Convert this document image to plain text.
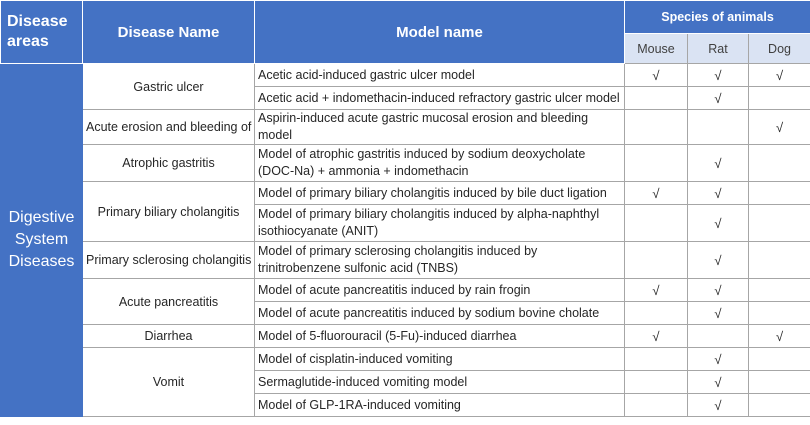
Disease areas	Disease Name	Model name	Species of animals		
			Mouse	Rat	Dog
Digestive System Diseases	Gastric ulcer	Acetic acid-induced gastric ulcer model	√	√	√
		Acetic acid + indomethacin-induced refractory gastric ulcer model		√	
	Acute erosion and bleeding of	Aspirin-induced acute gastric mucosal erosion and bleeding model			√
	Atrophic gastritis	Model of atrophic gastritis induced by sodium deoxycholate (DOC-Na) + ammonia + indomethacin		√	
	Primary biliary cholangitis	Model of primary biliary cholangitis induced by bile duct ligation	√	√	
		Model of primary biliary cholangitis induced by alpha-naphthyl isothiocyanate (ANIT)		√	
	Primary sclerosing cholangitis	Model of primary sclerosing cholangitis induced by trinitrobenzene sulfonic acid (TNBS)		√	
	Acute pancreatitis	Model of acute pancreatitis induced by rain frogin	√	√	
		Model of acute pancreatitis induced by sodium bovine cholate		√	
	Diarrhea	Model of 5-fluorouracil (5-Fu)-induced diarrhea	√		√
	Vomit	Model of cisplatin-induced vomiting		√	
		Sermaglutide-induced vomiting model		√	
		Model of GLP-1RA-induced vomiting		√	
